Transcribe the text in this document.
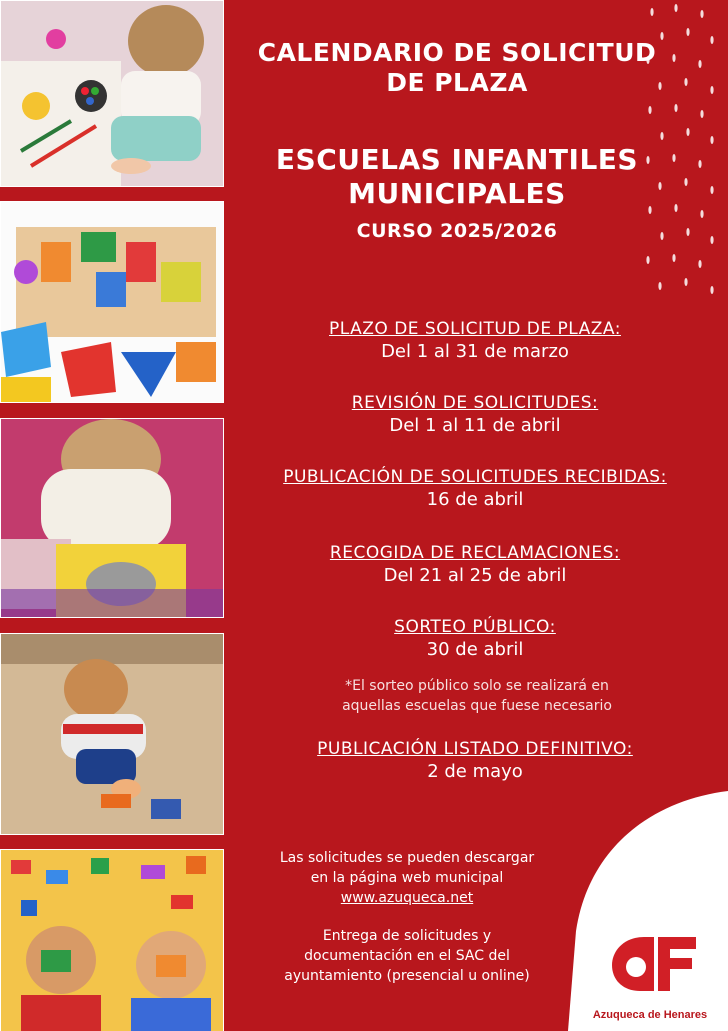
CALENDARIO DE SOLICITUD
DE PLAZA
ESCUELAS INFANTILES
MUNICIPALES
CURSO 2025/2026
PLAZO DE SOLICITUD DE PLAZA:
Del 1 al 31 de marzo
REVISIÓN DE SOLICITUDES:
Del 1 al 11 de abril
PUBLICACIÓN DE SOLICITUDES RECIBIDAS:
16 de abril
RECOGIDA DE RECLAMACIONES:
Del 21 al 25 de abril
SORTEO PÚBLICO:
30 de abril
*El sorteo público solo se realizará en
aquellas escuelas que fuese necesario
PUBLICACIÓN LISTADO DEFINITIVO:
2 de mayo
Las solicitudes se pueden descargar
en la página web municipal
www.azuqueca.net
Entrega de solicitudes y
documentación en el SAC del
ayuntamiento (presencial u online)
Azuqueca de Henares
